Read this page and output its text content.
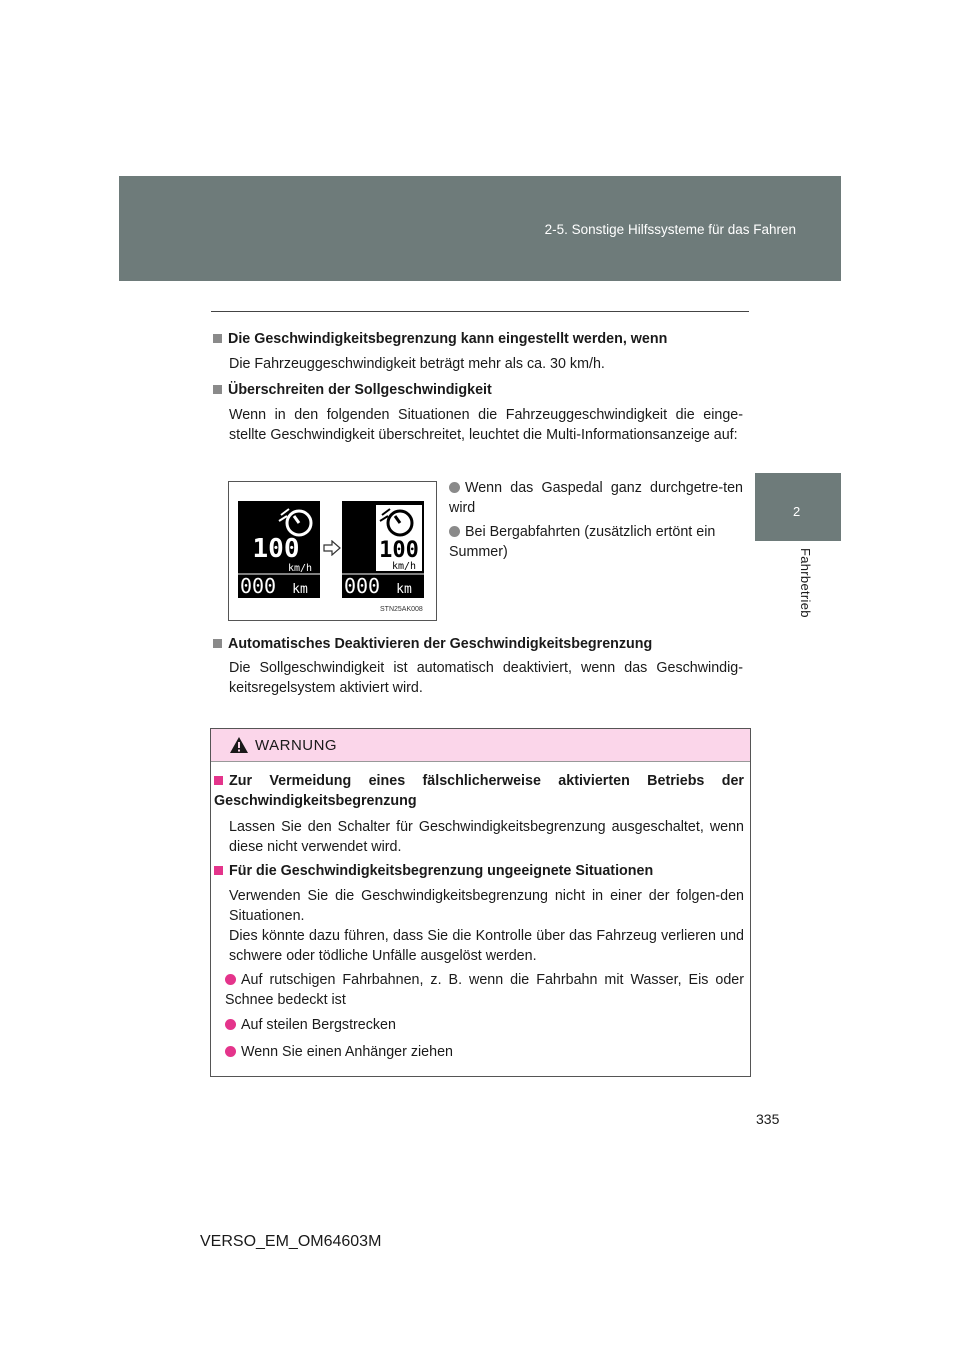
2-5. Sonstige Hilfssysteme für das Fahren
2
Fahrbetrieb
Die Geschwindigkeitsbegrenzung kann eingestellt werden, wenn
Die Fahrzeuggeschwindigkeit beträgt mehr als ca. 30 km/h.
Überschreiten der Sollgeschwindigkeit
Wenn in den folgenden Situationen die Fahrzeuggeschwindigkeit die einge-stellte Geschwindigkeit überschreitet, leuchtet die Multi-Informationsanzeige auf:
100
km/h
000 km
100
km/h
000 km
STN25AK008
Wenn das Gaspedal ganz durchgetre-ten wird
Bei Bergabfahrten (zusätzlich ertönt ein Summer)
Automatisches Deaktivieren der Geschwindigkeitsbegrenzung
Die Sollgeschwindigkeit ist automatisch deaktiviert, wenn das Geschwindig-keitsregelsystem aktiviert wird.
WARNUNG
Zur Vermeidung eines fälschlicherweise aktivierten Betriebs der Geschwindigkeitsbegrenzung
Lassen Sie den Schalter für Geschwindigkeitsbegrenzung ausgeschaltet, wenn diese nicht verwendet wird.
Für die Geschwindigkeitsbegrenzung ungeeignete Situationen
Verwenden Sie die Geschwindigkeitsbegrenzung nicht in einer der folgen-den Situationen.
Dies könnte dazu führen, dass Sie die Kontrolle über das Fahrzeug verlieren und schwere oder tödliche Unfälle ausgelöst werden.
Auf rutschigen Fahrbahnen, z. B. wenn die Fahrbahn mit Wasser, Eis oder Schnee bedeckt ist
Auf steilen Bergstrecken
Wenn Sie einen Anhänger ziehen
335
VERSO_EM_OM64603M
